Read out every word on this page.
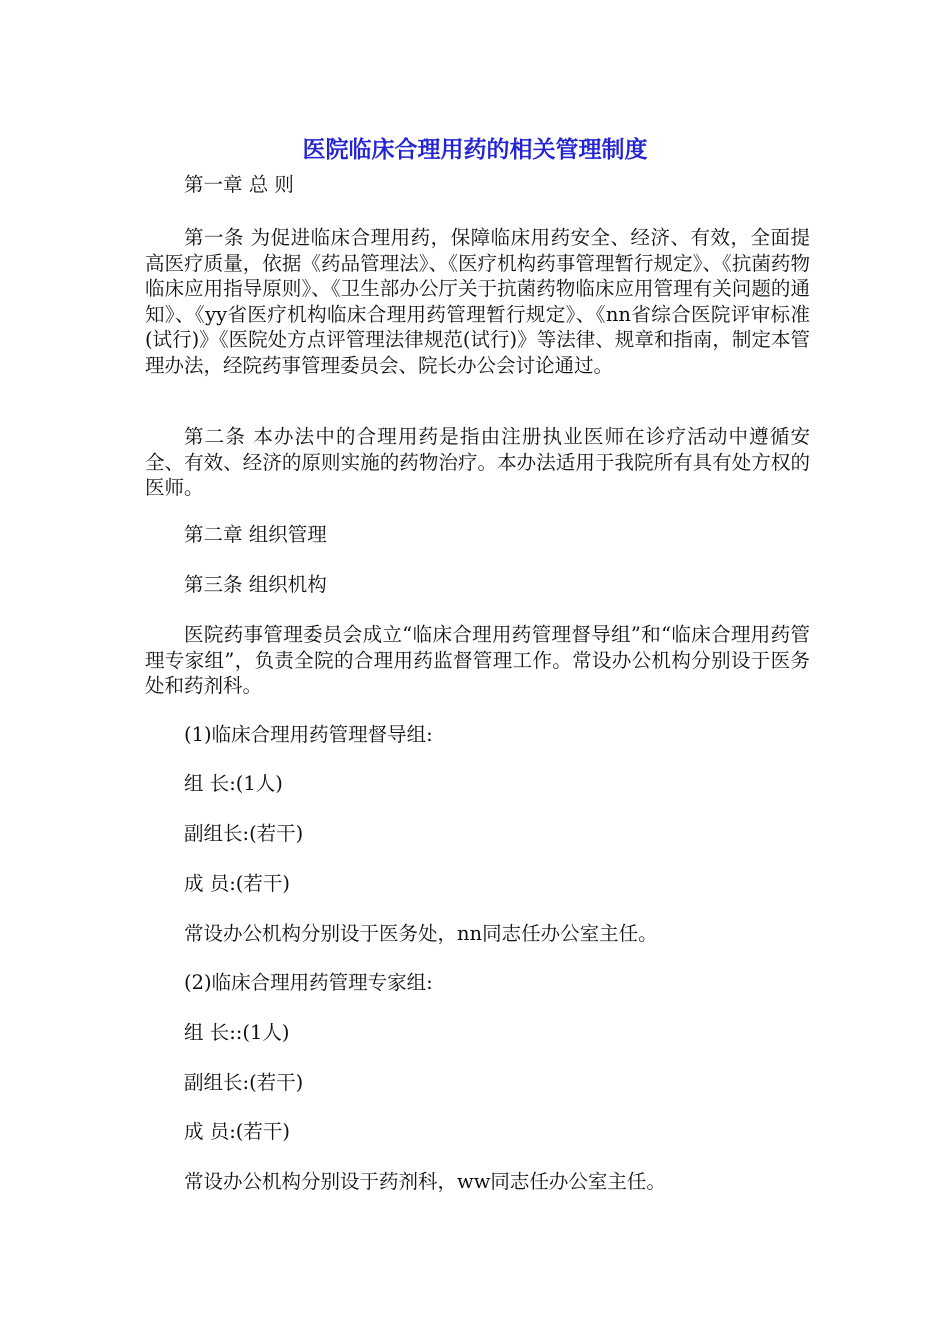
医院临床合理用药的相关管理制度

第一章 总 则

第一条 为促进临床合理用药，保障临床用药安全、经济、有效，全面提高医疗质量，依据《药品管理法》、《医疗机构药事管理暂行规定》、《抗菌药物临床应用指导原则》、《卫生部办公厅关于抗菌药物临床应用管理有关问题的通知》、《yy省医疗机构临床合理用药管理暂行规定》、《nn省综合医院评审标准(试行)》《医院处方点评管理法律规范(试行)》等法律、规章和指南，制定本管理办法，经院药事管理委员会、院长办公会讨论通过。

第二条 本办法中的合理用药是指由注册执业医师在诊疗活动中遵循安全、有效、经济的原则实施的药物治疗。本办法适用于我院所有具有处方权的医师。

第二章 组织管理

第三条 组织机构

医院药事管理委员会成立“临床合理用药管理督导组”和“临床合理用药管理专家组”，负责全院的合理用药监督管理工作。常设办公机构分别设于医务处和药剂科。

(1)临床合理用药管理督导组:

组 长:(1人)

副组长:(若干)

成 员:(若干)

常设办公机构分别设于医务处，nn同志任办公室主任。

(2)临床合理用药管理专家组:

组 长::(1人)

副组长:(若干)

成 员:(若干)

常设办公机构分别设于药剂科，ww同志任办公室主任。
